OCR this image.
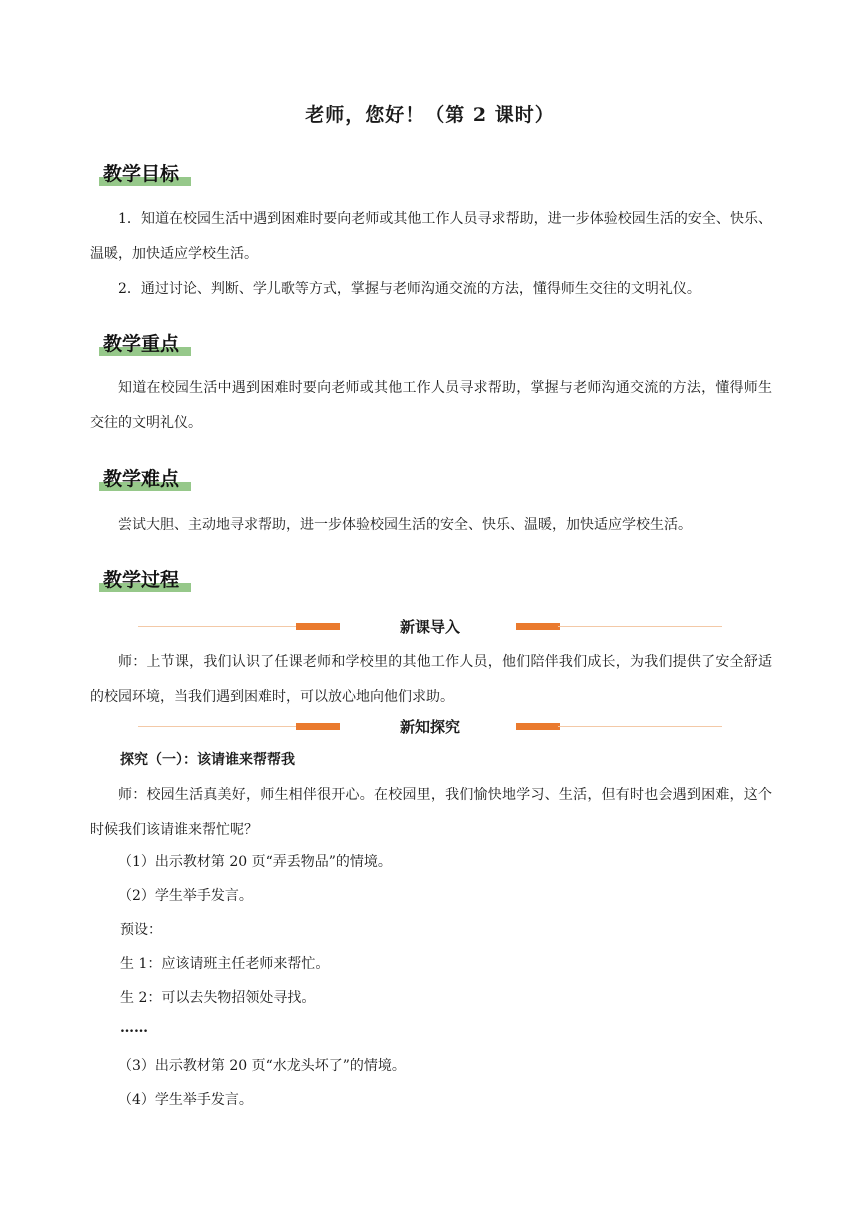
老师，您好！（第 2 课时）
教学目标
1．知道在校园生活中遇到困难时要向老师或其他工作人员寻求帮助，进一步体验校园生活的安全、快乐、温暖，加快适应学校生活。
2．通过讨论、判断、学儿歌等方式，掌握与老师沟通交流的方法，懂得师生交往的文明礼仪。
教学重点
知道在校园生活中遇到困难时要向老师或其他工作人员寻求帮助，掌握与老师沟通交流的方法，懂得师生交往的文明礼仪。
教学难点
尝试大胆、主动地寻求帮助，进一步体验校园生活的安全、快乐、温暖，加快适应学校生活。
教学过程
新课导入
师：上节课，我们认识了任课老师和学校里的其他工作人员，他们陪伴我们成长，为我们提供了安全舒适的校园环境，当我们遇到困难时，可以放心地向他们求助。
新知探究
探究（一）：该请谁来帮帮我
师：校园生活真美好，师生相伴很开心。在校园里，我们愉快地学习、生活，但有时也会遇到困难，这个时候我们该请谁来帮忙呢？
（1）出示教材第 20 页“弄丢物品”的情境。
（2）学生举手发言。
预设：
生 1：应该请班主任老师来帮忙。
生 2：可以去失物招领处寻找。
……
（3）出示教材第 20 页“水龙头坏了”的情境。
（4）学生举手发言。
